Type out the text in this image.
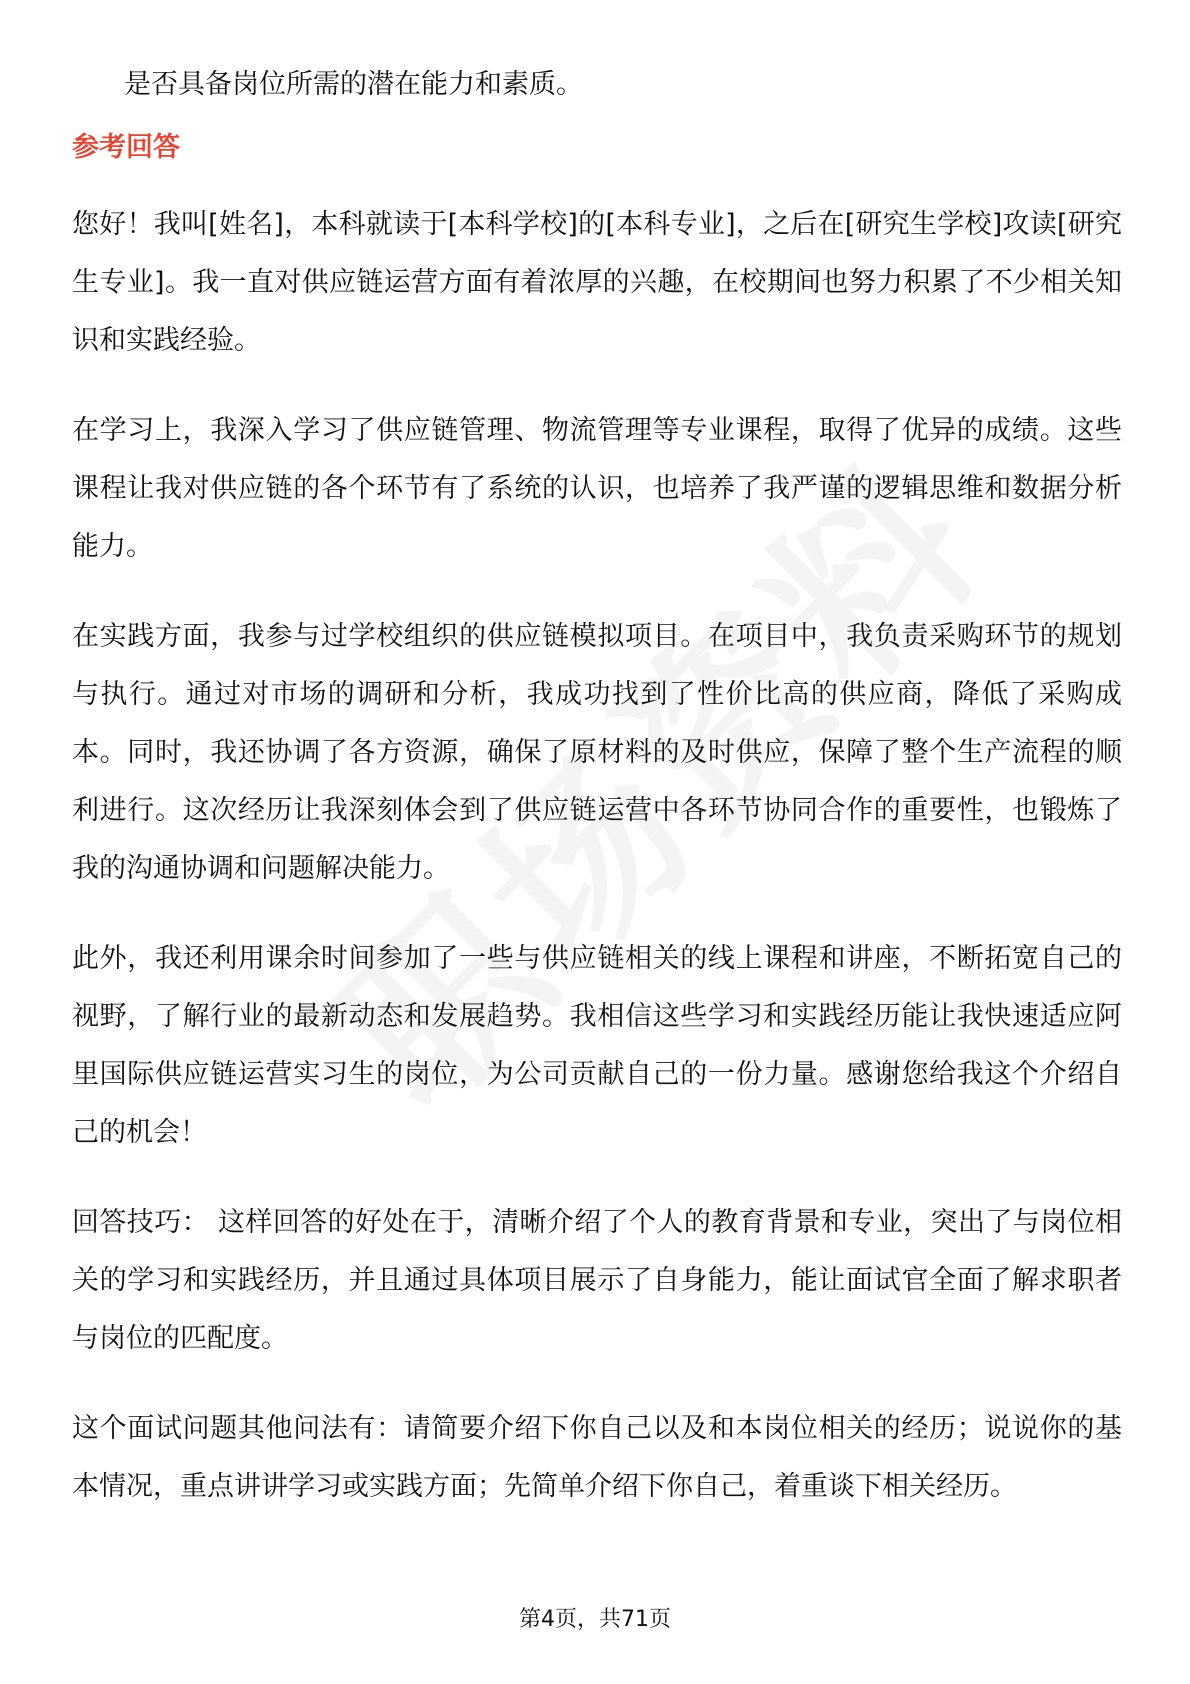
是否具备岗位所需的潜在能力和素质。

参考回答

您好！我叫[姓名]，本科就读于[本科学校]的[本科专业]，之后在[研究生学校]攻读[研究生专业]。我一直对供应链运营方面有着浓厚的兴趣，在校期间也努力积累了不少相关知识和实践经验。

在学习上，我深入学习了供应链管理、物流管理等专业课程，取得了优异的成绩。这些课程让我对供应链的各个环节有了系统的认识，也培养了我严谨的逻辑思维和数据分析能力。

在实践方面，我参与过学校组织的供应链模拟项目。在项目中，我负责采购环节的规划与执行。通过对市场的调研和分析，我成功找到了性价比高的供应商，降低了采购成本。同时，我还协调了各方资源，确保了原材料的及时供应，保障了整个生产流程的顺利进行。这次经历让我深刻体会到了供应链运营中各环节协同合作的重要性，也锻炼了我的沟通协调和问题解决能力。

此外，我还利用课余时间参加了一些与供应链相关的线上课程和讲座，不断拓宽自己的视野，了解行业的最新动态和发展趋势。我相信这些学习和实践经历能让我快速适应阿里国际供应链运营实习生的岗位，为公司贡献自己的一份力量。感谢您给我这个介绍自己的机会！

回答技巧： 这样回答的好处在于，清晰介绍了个人的教育背景和专业，突出了与岗位相关的学习和实践经历，并且通过具体项目展示了自身能力，能让面试官全面了解求职者与岗位的匹配度。

这个面试问题其他问法有：请简要介绍下你自己以及和本岗位相关的经历；说说你的基本情况，重点讲讲学习或实践方面；先简单介绍下你自己，着重谈下相关经历。

第4页，共71页
